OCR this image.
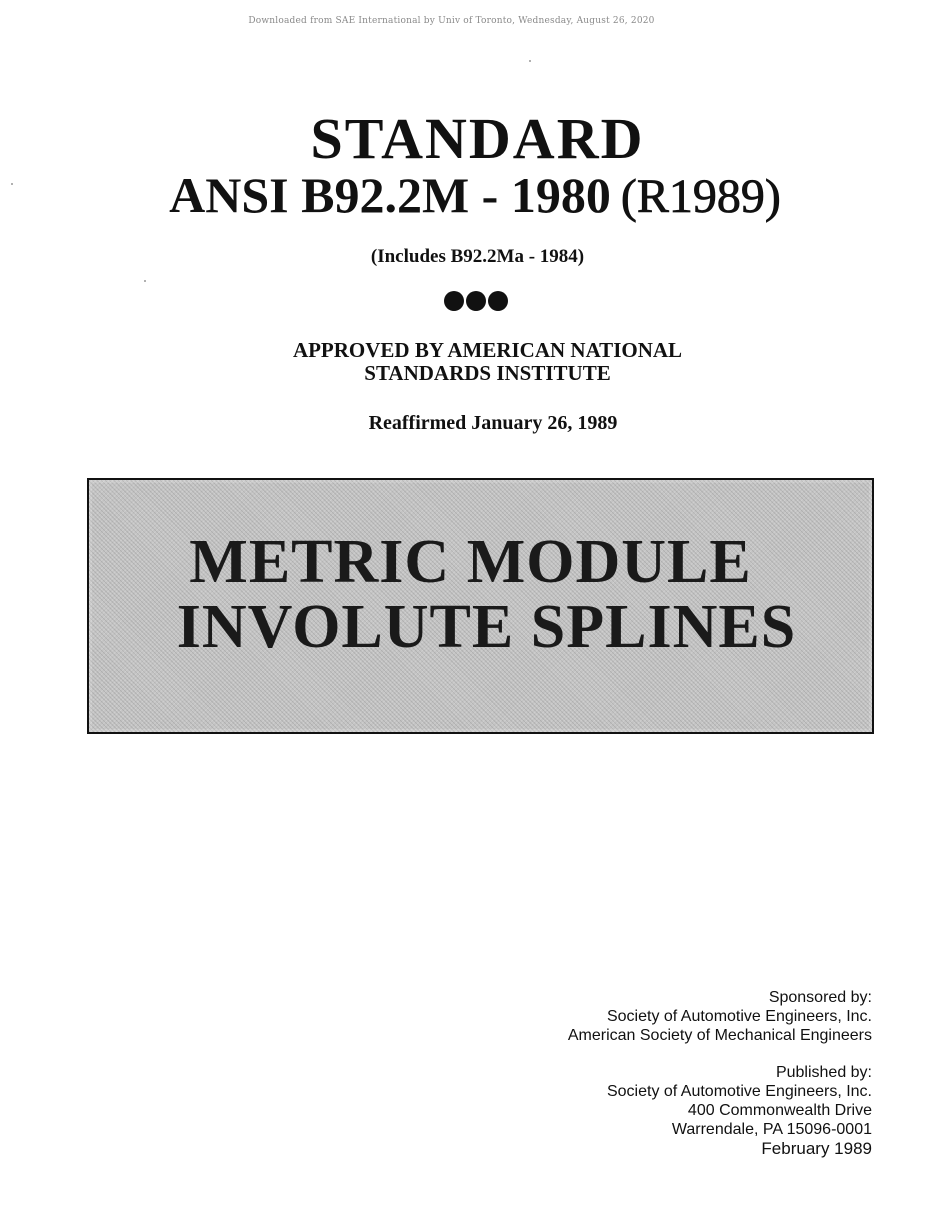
Downloaded from SAE International by Univ of Toronto, Wednesday, August 26, 2020
STANDARD
ANSI B92.2M - 1980 (R1989)
(Includes B92.2Ma - 1984)
APPROVED BY AMERICAN NATIONAL
STANDARDS INSTITUTE
Reaffirmed January 26, 1989
METRIC MODULE
INVOLUTE SPLINES
Sponsored by:
Society of Automotive Engineers, Inc.
American Society of Mechanical Engineers
Published by:
Society of Automotive Engineers, Inc.
400 Commonwealth Drive
Warrendale, PA 15096-0001
February 1989
